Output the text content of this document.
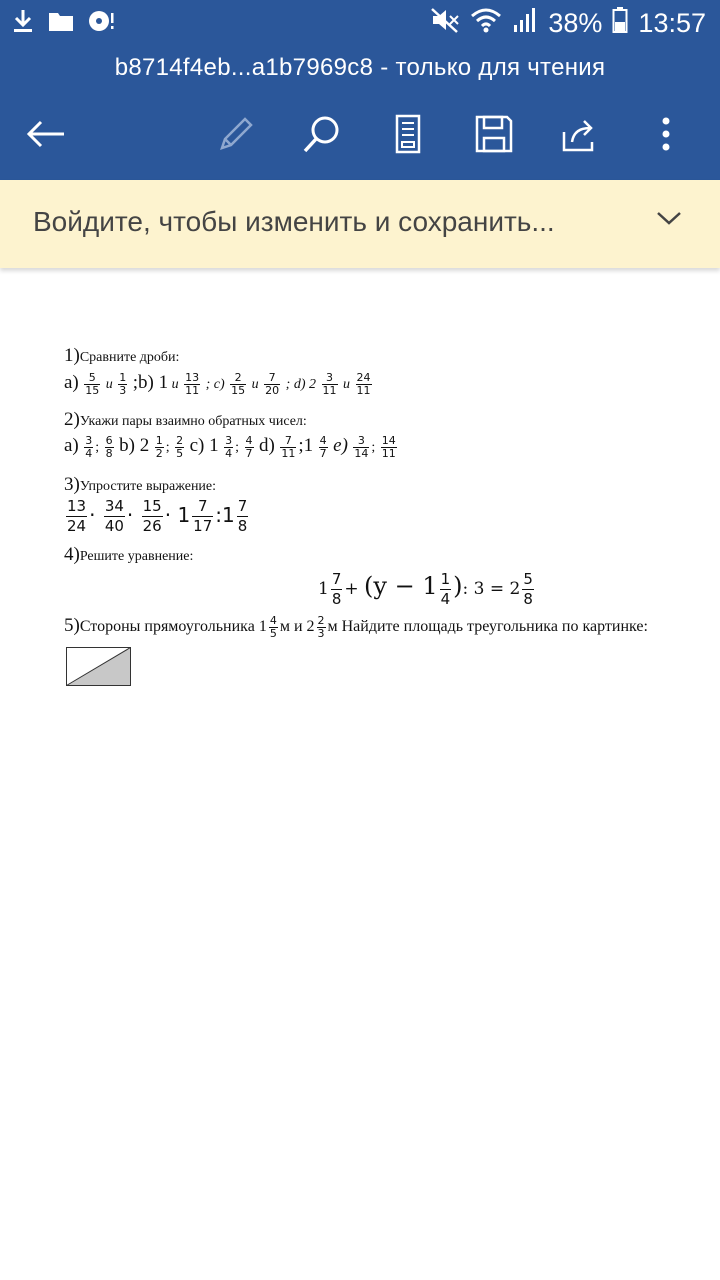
38% 13:57
b8714f4eb...a1b7969c8 - только для чтения
Войдите, чтобы изменить и сохранить...
1)Сравните дроби:
$a) \frac{5}{15}$ и $\frac{1}{3}$ ;b) 1 и $\frac{13}{11}$ ; $c) \frac{2}{15}$ и $\frac{7}{20}$ ; d) $2 \frac{3}{11}$ и $\frac{24}{11}$
2)Укажи пары взаимно обратных чисел:
$a) \frac{3}{4}$ ; $\frac{6}{8} b$) $2 \frac{1}{2}$ ; $\frac{2}{5} c$) $1 \frac{3}{4}$ ; $\frac{4}{7} d) \frac{7}{11}$ ;1 $\frac{4}{7} e) \frac{3}{14}$ ; $\frac{14}{11}$
3)Упростите выражение:
$\frac{13}{24} \cdot \frac{34}{40} \cdot \frac{15}{26} \cdot 1 \frac{7}{17}$ :1 $\frac{7}{8}$
4)Решите уравнение:
$1 \frac{7}{8} + (y - 1 \frac{1}{4}$ ): $3 = 2 \frac{5}{8}$
5)Стороны прямоугольника $1 \frac{4}{5}$ м и $2 \frac{2}{3}$ м Найдите площадь треугольника по картинке:
